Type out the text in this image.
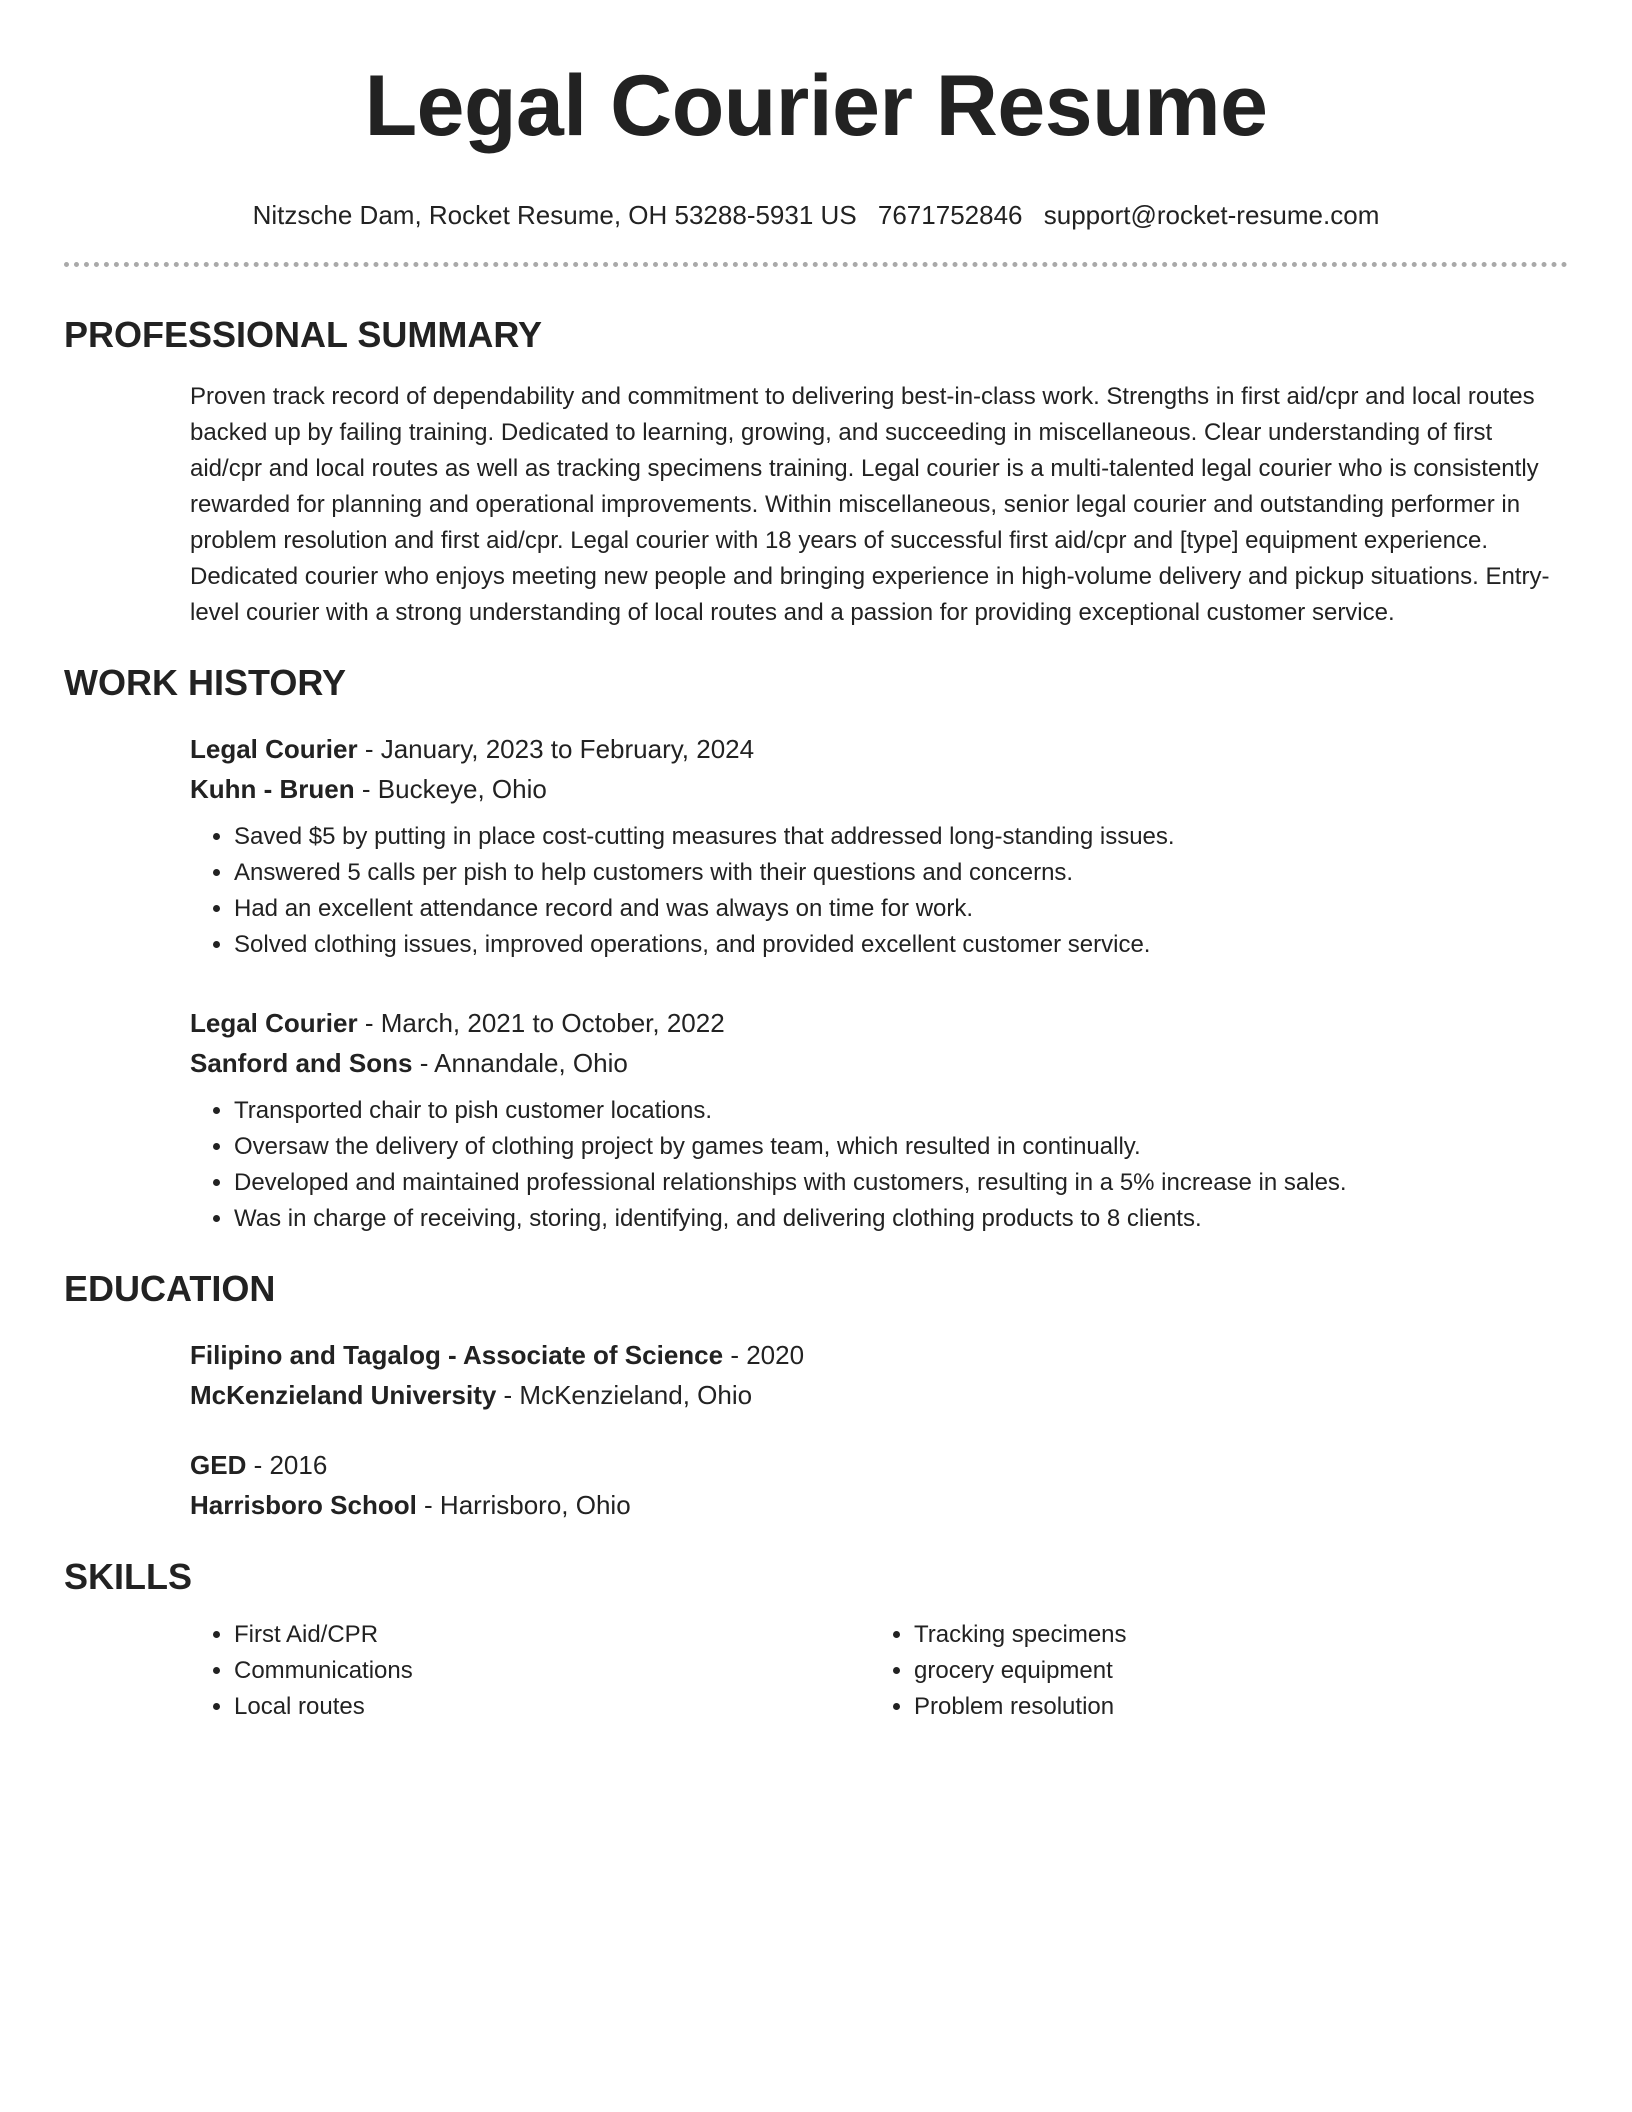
Legal Courier Resume
Nitzsche Dam, Rocket Resume, OH 53288-5931 US 7671752846 support@rocket-resume.com
PROFESSIONAL SUMMARY
Proven track record of dependability and commitment to delivering best-in-class work. Strengths in first aid/cpr and local routes backed up by failing training. Dedicated to learning, growing, and succeeding in miscellaneous. Clear understanding of first aid/cpr and local routes as well as tracking specimens training. Legal courier is a multi-talented legal courier who is consistently rewarded for planning and operational improvements. Within miscellaneous, senior legal courier and outstanding performer in problem resolution and first aid/cpr. Legal courier with 18 years of successful first aid/cpr and [type] equipment experience. Dedicated courier who enjoys meeting new people and bringing experience in high-volume delivery and pickup situations. Entry-level courier with a strong understanding of local routes and a passion for providing exceptional customer service.
WORK HISTORY
Legal Courier - January, 2023 to February, 2024
Kuhn - Bruen - Buckeye, Ohio
• Saved $5 by putting in place cost-cutting measures that addressed long-standing issues.
• Answered 5 calls per pish to help customers with their questions and concerns.
• Had an excellent attendance record and was always on time for work.
• Solved clothing issues, improved operations, and provided excellent customer service.
Legal Courier - March, 2021 to October, 2022
Sanford and Sons - Annandale, Ohio
• Transported chair to pish customer locations.
• Oversaw the delivery of clothing project by games team, which resulted in continually.
• Developed and maintained professional relationships with customers, resulting in a 5% increase in sales.
• Was in charge of receiving, storing, identifying, and delivering clothing products to 8 clients.
EDUCATION
Filipino and Tagalog - Associate of Science - 2020
McKenzieland University - McKenzieland, Ohio
GED - 2016
Harrisboro School - Harrisboro, Ohio
SKILLS
• First Aid/CPR
• Communications
• Local routes
• Tracking specimens
• grocery equipment
• Problem resolution
